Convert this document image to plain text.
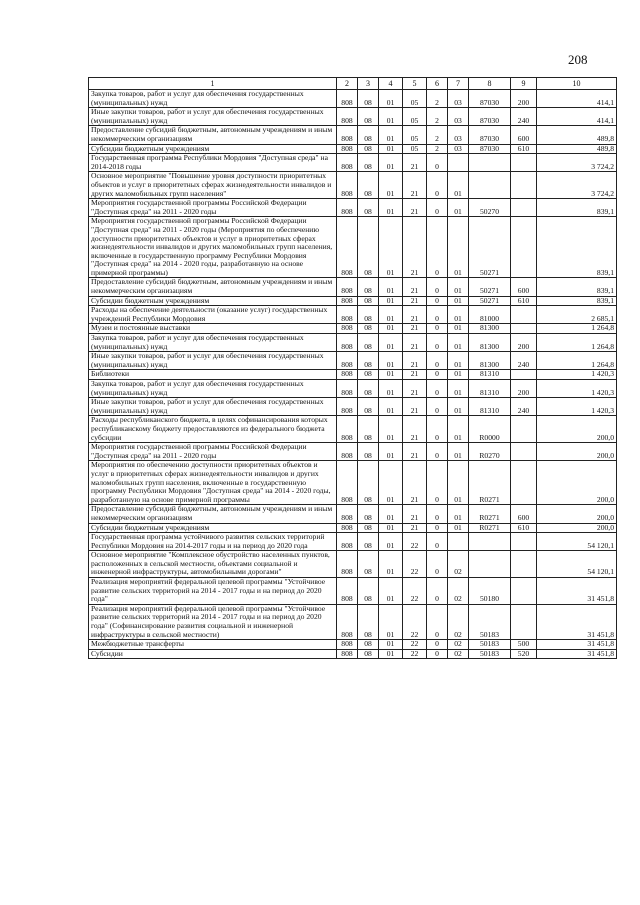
208
1	2	3	4	5	6	7	8	9	10
Закупка товаров, работ и услуг для обеспечения государственных (муниципальных) нужд	808	08	01	05	2	03	87030	200	414,1
Иные закупки товаров, работ и услуг для обеспечения государственных (муниципальных) нужд	808	08	01	05	2	03	87030	240	414,1
Предоставление субсидий бюджетным, автономным учреждениям и иным некоммерческим организациям	808	08	01	05	2	03	87030	600	489,8
Субсидии бюджетным учреждениям	808	08	01	05	2	03	87030	610	489,8
Государственная программа Республики Мордовия "Доступная среда" на 2014-2018 годы	808	08	01	21	0				3 724,2
Основное мероприятие "Повышение уровня доступности приоритетных объектов и услуг в приоритетных сферах жизнедеятельности инвалидов и других маломобильных групп населения"	808	08	01	21	0	01			3 724,2
Мероприятия государственной программы Российской Федерации "Доступная среда" на 2011 - 2020 годы	808	08	01	21	0	01	50270		839,1
Мероприятия государственной программы Российской Федерации "Доступная среда" на 2011 - 2020 годы (Мероприятия по обеспечению доступности приоритетных объектов и услуг в приоритетных сферах жизнедеятельности инвалидов и других маломобильных групп населения, включенные в государственную программу Республики Мордовия "Доступная среда" на 2014 - 2020 годы, разработанную на основе примерной программы)	808	08	01	21	0	01	50271		839,1
Предоставление субсидий бюджетным, автономным учреждениям и иным некоммерческим организациям	808	08	01	21	0	01	50271	600	839,1
Субсидии бюджетным учреждениям	808	08	01	21	0	01	50271	610	839,1
Расходы на обеспечение деятельности (оказание услуг) государственных учреждений Республики Мордовия	808	08	01	21	0	01	81000		2 685,1
Музеи и постоянные выставки	808	08	01	21	0	01	81300		1 264,8
Закупка товаров, работ и услуг для обеспечения государственных (муниципальных) нужд	808	08	01	21	0	01	81300	200	1 264,8
Иные закупки товаров, работ и услуг для обеспечения государственных (муниципальных) нужд	808	08	01	21	0	01	81300	240	1 264,8
Библиотеки	808	08	01	21	0	01	81310		1 420,3
Закупка товаров, работ и услуг для обеспечения государственных (муниципальных) нужд	808	08	01	21	0	01	81310	200	1 420,3
Иные закупки товаров, работ и услуг для обеспечения государственных (муниципальных) нужд	808	08	01	21	0	01	81310	240	1 420,3
Расходы республиканского бюджета, в целях софинансирования которых республиканскому бюджету предоставляются из федерального бюджета субсидии	808	08	01	21	0	01	R0000		200,0
Мероприятия государственной программы Российской Федерации "Доступная среда" на 2011 - 2020 годы	808	08	01	21	0	01	R0270		200,0
Мероприятия по обеспечению доступности приоритетных объектов и услуг в приоритетных сферах жизнедеятельности инвалидов и других маломобильных групп населения, включенные в государственную программу Республики Мордовия "Доступная среда" на 2014 - 2020 годы, разработанную на основе примерной программы	808	08	01	21	0	01	R0271		200,0
Предоставление субсидий бюджетным, автономным учреждениям и иным некоммерческим организациям	808	08	01	21	0	01	R0271	600	200,0
Субсидии бюджетным учреждениям	808	08	01	21	0	01	R0271	610	200,0
Государственная программа устойчивого развития сельских территорий Республики Мордовия на 2014-2017 годы и на период до 2020 года	808	08	01	22	0				54 120,1
Основное мероприятие "Комплексное обустройство населенных пунктов, расположенных в сельской местности, объектами социальной и инженерной инфраструктуры, автомобильными дорогами"	808	08	01	22	0	02			54 120,1
Реализация мероприятий федеральной целевой программы "Устойчивое развитие сельских территорий на 2014 - 2017 годы и на период до 2020 года"	808	08	01	22	0	02	50180		31 451,8
Реализация мероприятий федеральной целевой программы "Устойчивое развитие сельских территорий на 2014 - 2017 годы и на период до 2020 года" (Софинансирование развития социальной и инженерной инфраструктуры в сельской местности)	808	08	01	22	0	02	50183		31 451,8
Межбюджетные трансферты	808	08	01	22	0	02	50183	500	31 451,8
Субсидии	808	08	01	22	0	02	50183	520	31 451,8
